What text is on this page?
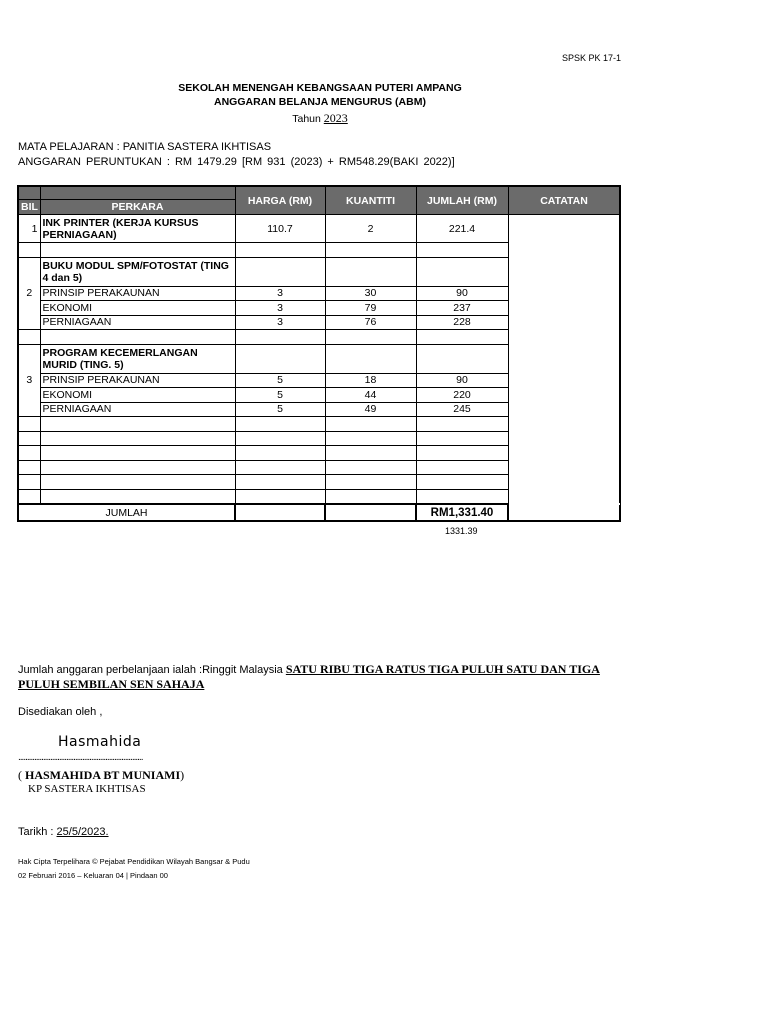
SPSK PK 17-1
SEKOLAH MENENGAH KEBANGSAAN PUTERI AMPANG
ANGGARAN BELANJA MENGURUS (ABM)
Tahun 2023
MATA PELAJARAN : PANITIA SASTERA IKHTISAS
ANGGARAN PERUNTUKAN : RM 1479.29 [RM 931 (2023) + RM548.29(BAKI 2022)]
		HARGA (RM)	KUANTITI	JUMLAH (RM)	CATATAN	
BIL	PERKARA					
1	INK PRINTER (KERJA KURSUS PERNIAGAAN)	110.7	2	221.4		

2	BUKU MODUL SPM/FOTOSTAT (TING 4 dan 5)					
	PRINSIP PERAKAUNAN	3	30	90		
	EKONOMI	3	79	237		
	PERNIAGAAN	3	76	228		

3	PROGRAM KECEMERLANGAN MURID (TING. 5)					
	PRINSIP PERAKAUNAN	5	18	90		
	EKONOMI	5	44	220		
	PERNIAGAAN	5	49	245		

JUMLAH				RM1,331.40		
1331.39
Jumlah anggaran perbelanjaan ialah :Ringgit Malaysia SATU RIBU TIGA RATUS TIGA PULUH SATU DAN TIGA PULUH SEMBILAN SEN SAHAJA
Disediakan oleh ,
Hasmahida
......................................................................
( HASMAHIDA BT MUNIAMI)
KP SASTERA IKHTISAS
Tarikh : 25/5/2023.
Hak Cipta Terpelihara © Pejabat Pendidikan Wilayah Bangsar & Pudu
02 Februari 2016 – Keluaran 04 | Pindaan 00
